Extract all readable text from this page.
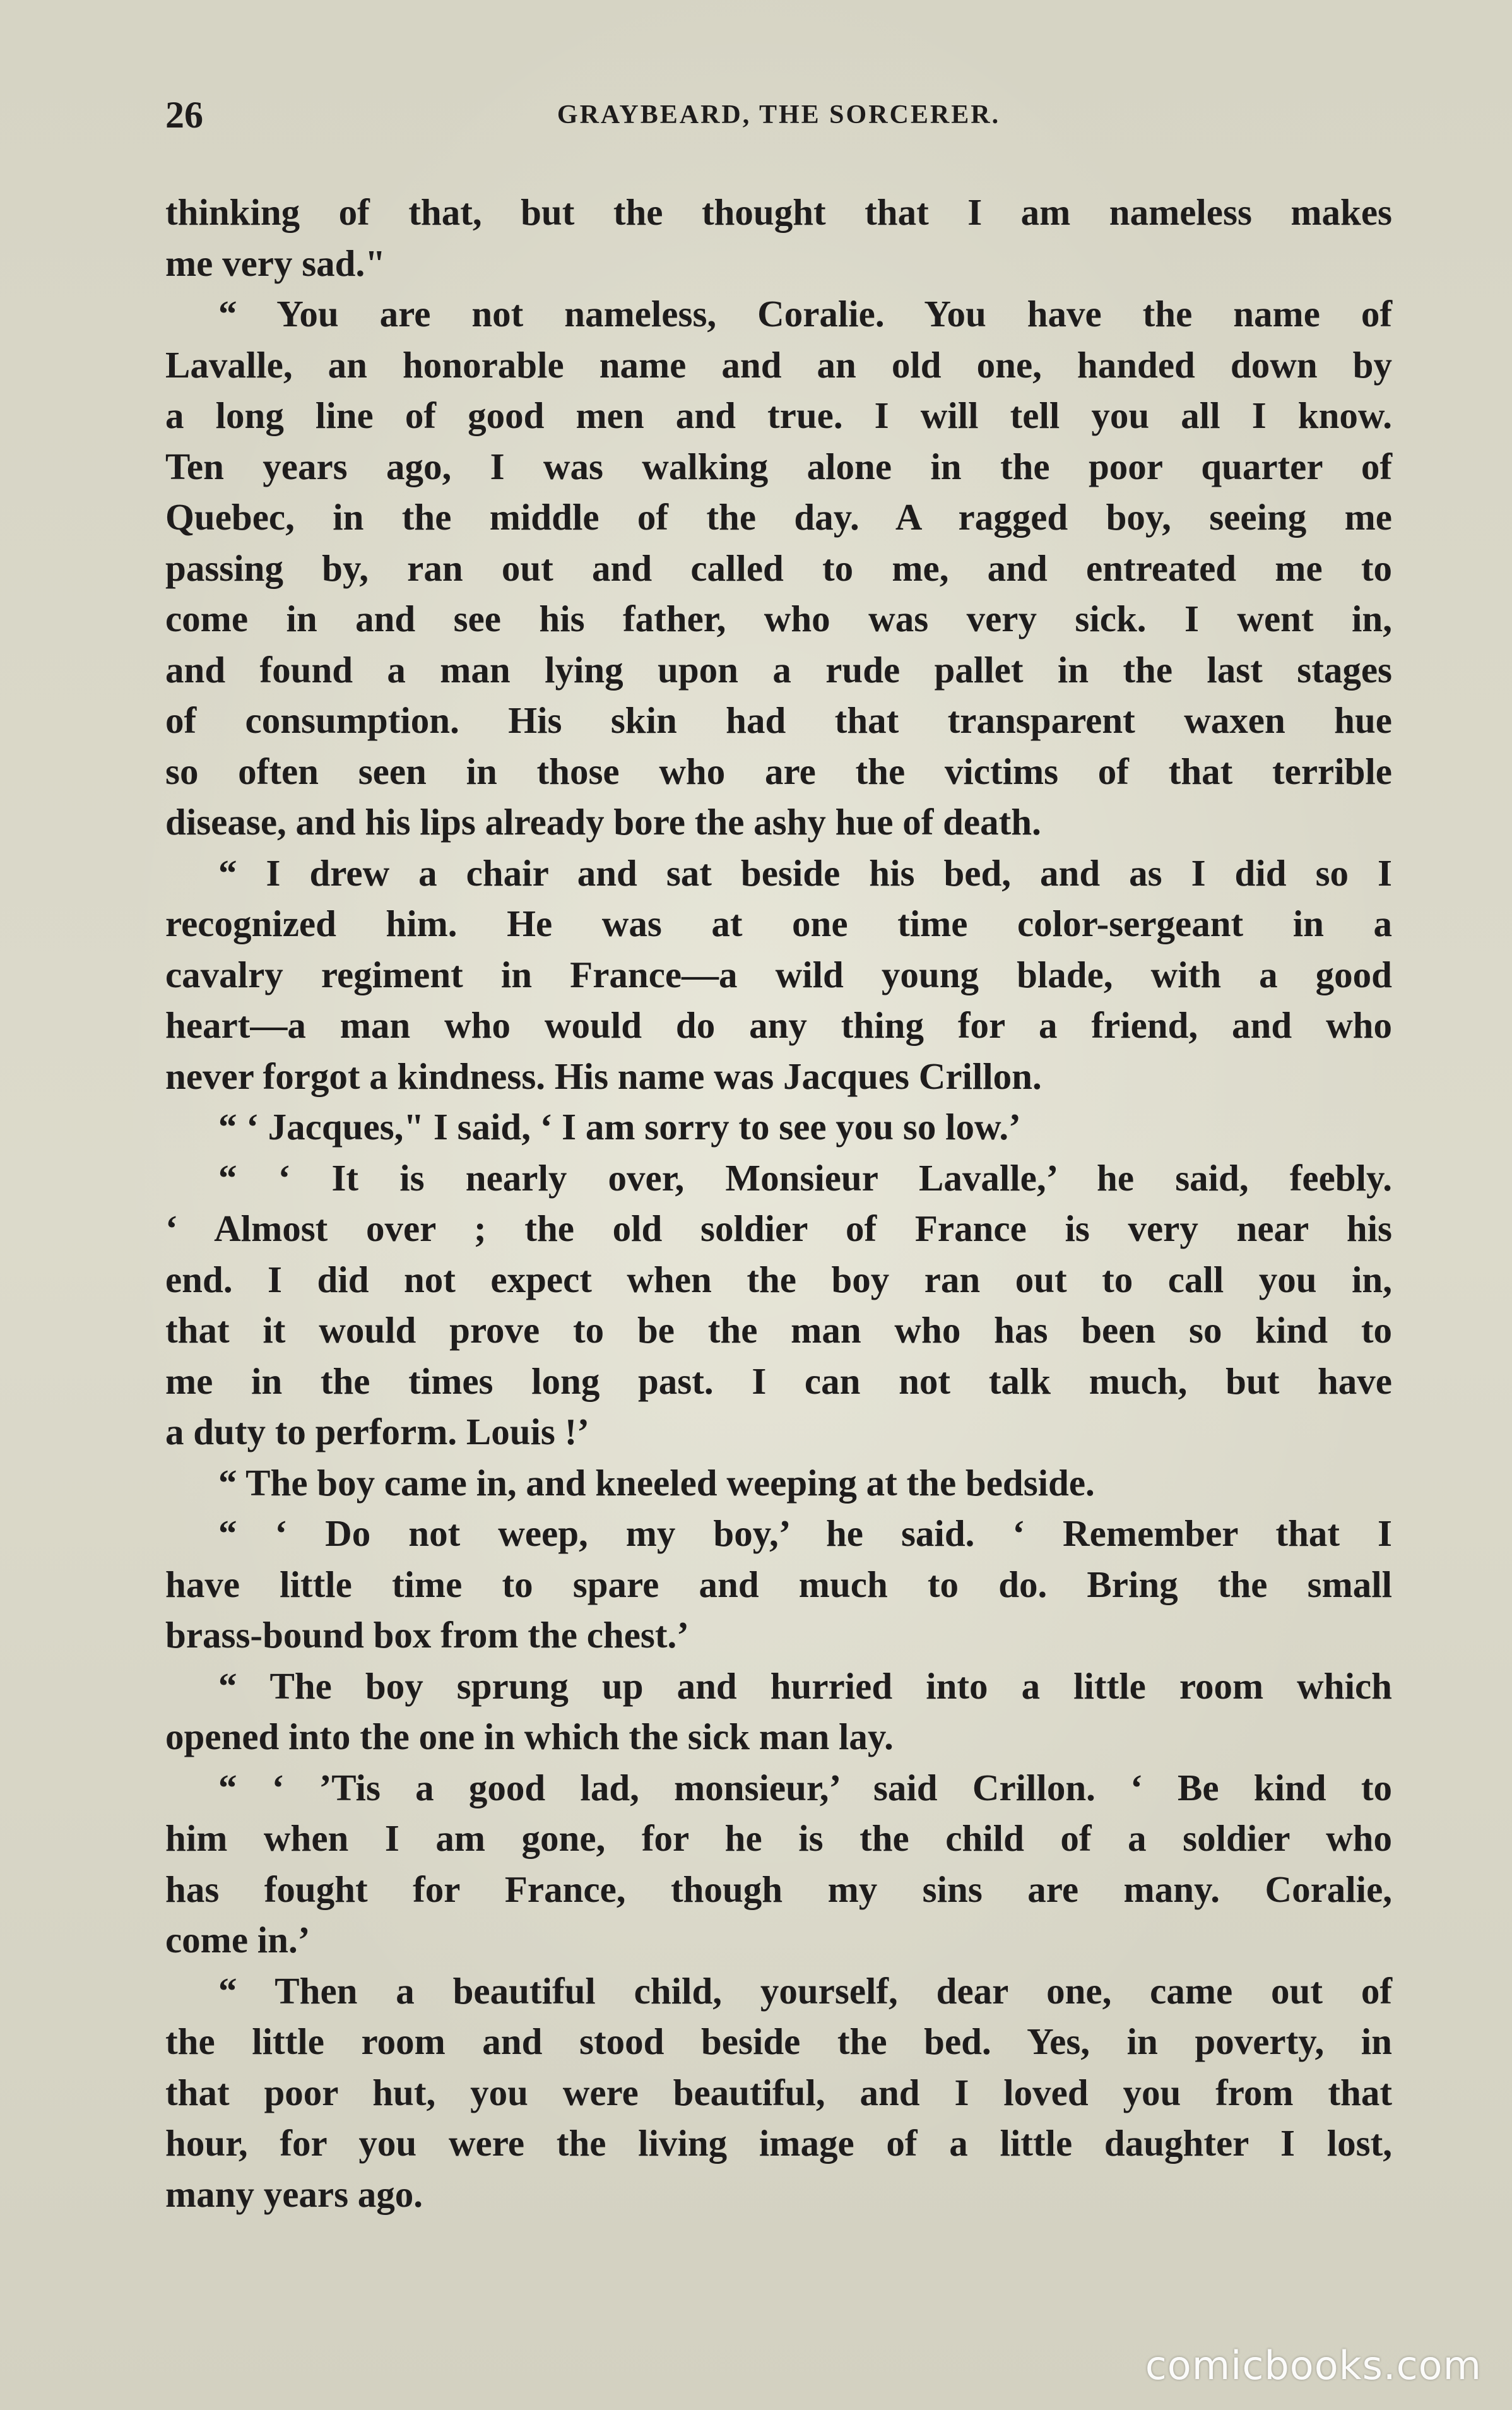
26	GRAYBEARD, THE SORCERER.
thinking of that, but the thought that I am nameless makes
me very sad."
“ You are not nameless, Coralie. You have the name of
Lavalle, an honorable name and an old one, handed down by
a long line of good men and true. I will tell you all I know.
Ten years ago, I was walking alone in the poor quarter of
Quebec, in the middle of the day. A ragged boy, seeing me
passing by, ran out and called to me, and entreated me to
come in and see his father, who was very sick. I went in,
and found a man lying upon a rude pallet in the last stages
of consumption. His skin had that transparent waxen hue
so often seen in those who are the victims of that terrible
disease, and his lips already bore the ashy hue of death.
“ I drew a chair and sat beside his bed, and as I did so I
recognized him. He was at one time color-sergeant in a
cavalry regiment in France—a wild young blade, with a good
heart—a man who would do any thing for a friend, and who
never forgot a kindness. His name was Jacques Crillon.
“ ‘ Jacques," I said, ‘ I am sorry to see you so low.’
“ ‘ It is nearly over, Monsieur Lavalle,’ he said, feebly.
‘ Almost over ; the old soldier of France is very near his
end. I did not expect when the boy ran out to call you in,
that it would prove to be the man who has been so kind to
me in the times long past. I can not talk much, but have
a duty to perform. Louis !’
“ The boy came in, and kneeled weeping at the bedside.
“ ‘ Do not weep, my boy,’ he said. ‘ Remember that I
have little time to spare and much to do. Bring the small
brass-bound box from the chest.’
“ The boy sprung up and hurried into a little room which
opened into the one in which the sick man lay.
“ ‘ ’Tis a good lad, monsieur,’ said Crillon. ‘ Be kind to
him when I am gone, for he is the child of a soldier who
has fought for France, though my sins are many. Coralie,
come in.’
“ Then a beautiful child, yourself, dear one, came out of
the little room and stood beside the bed. Yes, in poverty, in
that poor hut, you were beautiful, and I loved you from that
hour, for you were the living image of a little daughter I lost,
many years ago.
comicbooks.com
